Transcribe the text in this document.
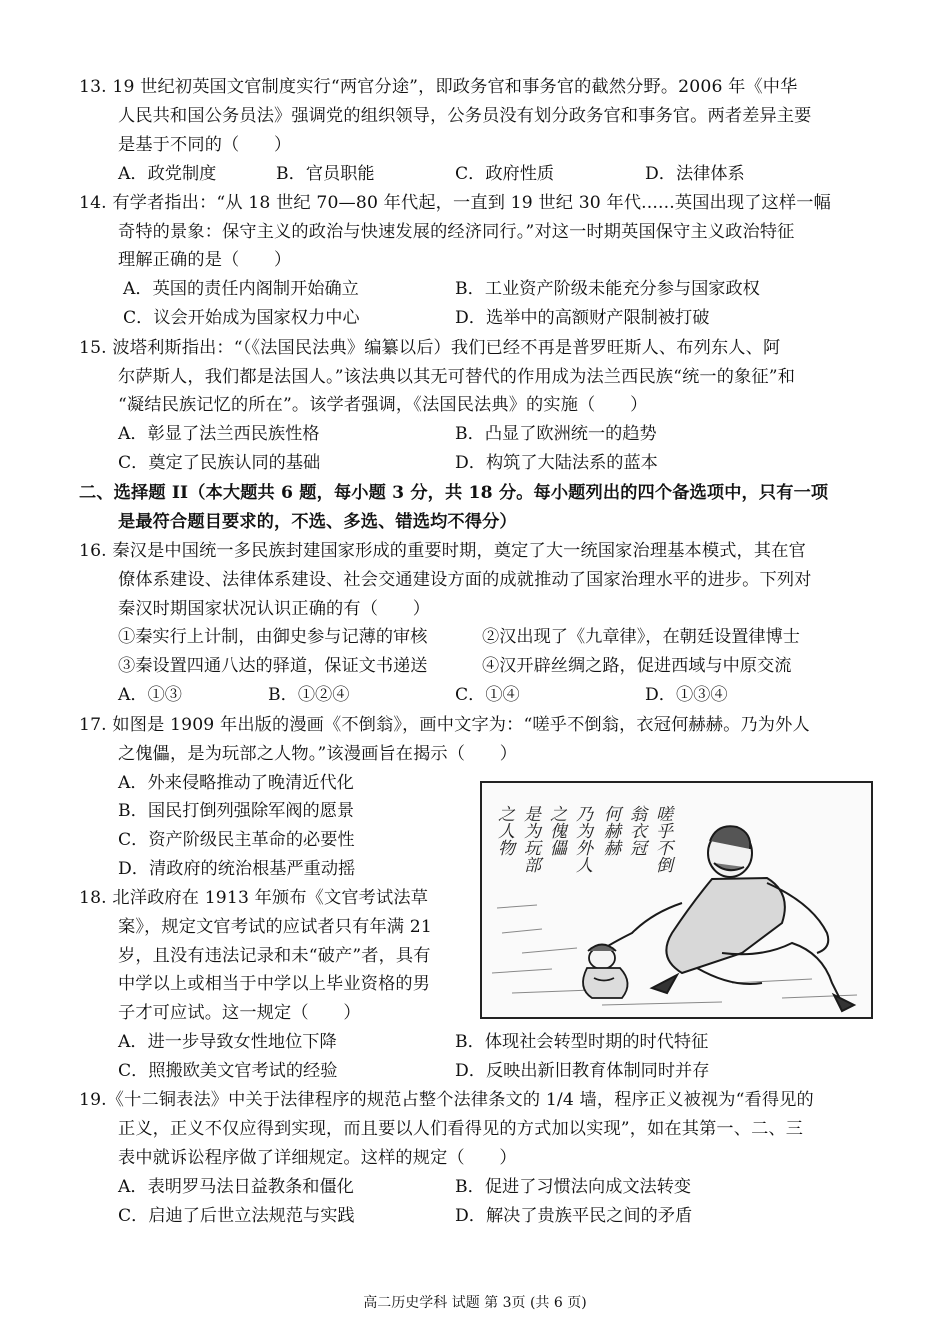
13. 19 世纪初英国文官制度实行“两官分途”，即政务官和事务官的截然分野。2006 年《中华
人民共和国公务员法》强调党的组织领导，公务员没有划分政务官和事务官。两者差异主要
是基于不同的（　　）
A．政党制度	B．官员职能	C．政府性质	D．法律体系
14. 有学者指出：“从 18 世纪 70—80 年代起，一直到 19 世纪 30 年代......英国出现了这样一幅
奇特的景象：保守主义的政治与快速发展的经济同行。”对这一时期英国保守主义政治特征
理解正确的是（　　）
A．英国的责任内阁制开始确立	B．工业资产阶级未能充分参与国家政权
C．议会开始成为国家权力中心	D．选举中的高额财产限制被打破
15. 波塔利斯指出：“（《法国民法典》编纂以后）我们已经不再是普罗旺斯人、布列东人、阿
尔萨斯人，我们都是法国人。”该法典以其无可替代的作用成为法兰西民族“统一的象征”和
“凝结民族记忆的所在”。该学者强调，《法国民法典》的实施（　　）
A．彰显了法兰西民族性格	B．凸显了欧洲统一的趋势
C．奠定了民族认同的基础	D．构筑了大陆法系的蓝本
二、选择题 II（本大题共 6 题，每小题 3 分，共 18 分。每小题列出的四个备选项中，只有一项
是最符合题目要求的，不选、多选、错选均不得分）
16. 秦汉是中国统一多民族封建国家形成的重要时期，奠定了大一统国家治理基本模式，其在官
僚体系建设、法律体系建设、社会交通建设方面的成就推动了国家治理水平的进步。下列对
秦汉时期国家状况认识正确的有（　　）
①秦实行上计制，由御史参与记薄的审核	②汉出现了《九章律》，在朝廷设置律博士
③秦设置四通八达的驿道，保证文书递送	④汉开辟丝绸之路，促进西域与中原交流
A．①③	B．①②④	C．①④	D．①③④
17. 如图是 1909 年出版的漫画《不倒翁》，画中文字为：“嗟乎不倒翁，衣冠何赫赫。乃为外人
之傀儡，是为玩部之人物。”该漫画旨在揭示（　　）
A．外来侵略推动了晚清近代化
B．国民打倒列强除军阀的愿景
C．资产阶级民主革命的必要性
D．清政府的统治根基严重动摇	嗟乎不倒
翁衣冠
何赫赫
乃为外人
之傀儡
是为玩部
之人物
18. 北洋政府在 1913 年颁布《文官考试法草
案》，规定文官考试的应试者只有年满 21
岁，且没有违法记录和未“破产”者，具有
中学以上或相当于中学以上毕业资格的男
子才可应试。这一规定（　　）
A．进一步导致女性地位下降	B．体现社会转型时期的时代特征
C．照搬欧美文官考试的经验	D．反映出新旧教育体制同时并存
19.《十二铜表法》中关于法律程序的规范占整个法律条文的 1/4 墙，程序正义被视为“看得见的
正义，正义不仅应得到实现，而且要以人们看得见的方式加以实现”，如在其第一、二、三
表中就诉讼程序做了详细规定。这样的规定（　　）
A．表明罗马法日益教条和僵化	B．促进了习惯法向成文法转变
C．启迪了后世立法规范与实践	D．解决了贵族平民之间的矛盾
高二历史学科 试题 第 3页 (共 6 页)
